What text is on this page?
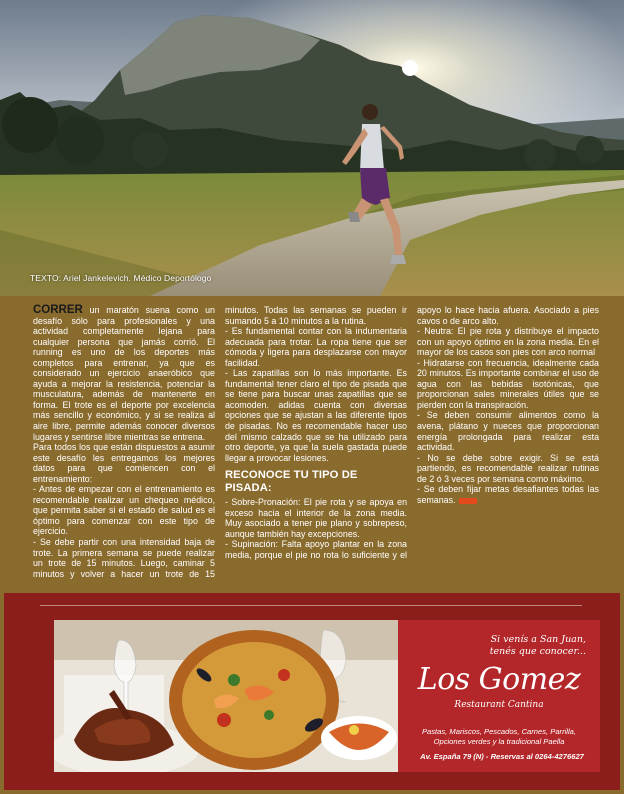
TEXTO: Ariel Jankelevich. Médico Deportólogo

CORRER un maratón suena como un desafío sólo para profesionales y una actividad completamente lejana para cualquier persona que jamás corrió. El running es uno de los deportes más completos para entrenar, ya que es considerado un ejercicio anaeróbico que ayuda a mejorar la resistencia, potenciar la musculatura, además de mantenerte en forma. El trote es el deporte por excelencia más sencillo y económico, y si se realiza al aire libre, permite además conocer diversos lugares y sentirse libre mientras se entrena.

Para todos los que están dispuestos a asumir este desafío les entregamos los mejores datos para que comiencen con el entrenamiento:

- Antes de empezar con el entrenamiento es recomendable realizar un chequeo médico, que permita saber si el estado de salud es el óptimo para comenzar con este tipo de ejercicio.

- Se debe partir con una intensidad baja de trote. La primera semana se puede realizar un trote de 15 minutos. Luego, caminar 5 minutos y volver a hacer un trote de 15 minutos. Todas las semanas se pueden ir sumando 5 a 10 minutos a la rutina.

- Es fundamental contar con la indumentaria adecuada para trotar. La ropa tiene que ser cómoda y ligera para desplazarse con mayor facilidad.

- Las zapatillas son lo más importante. Es fundamental tener claro el tipo de pisada que se tiene para buscar unas zapatillas que se acomoden. adidas cuenta con diversas opciones que se ajustan a las diferente tipos de pisadas. No es recomendable hacer uso del mismo calzado que se ha utilizado para otro deporte, ya que la suela gastada puede llegar a provocar lesiones.

RECONOCE TU TIPO DE PISADA:

- Sobre-Pronación: El pie rota y se apoya en exceso hacia el interior de la zona media. Muy asociado a tener pie plano y sobrepeso, aunque también hay excepciones.

- Supinación: Falta apoyo plantar en la zona media, porque el pie no rota lo suficiente y el apoyo lo hace hacia afuera. Asociado a pies cavos o de arco alto.

- Neutra: El pie rota y distribuye el impacto con un apoyo óptimo en la zona media. En el mayor de los casos son pies con arco normal

- Hidratarse con frecuencia, idealmente cada 20 minutos. Es importante combinar el uso de agua con las bebidas isotónicas, que proporcionan sales minerales útiles que se pierden con la transpiración.

- Se deben consumir alimentos como la avena, plátano y nueces que proporcionan energía prolongada para realizar esta actividad.

- No se debe sobre exigir. Si se está partiendo, es recomendable realizar rutinas de 2 ó 3 veces por semana como máximo.

- Se deben fijar metas desafiantes todas las semanas.

Si venís a San Juan,
tenés que conocer...
Los Gomez
Restaurant Cantina
Pastas, Mariscos, Pescados, Carnes, Parrilla,
Opciones verdes y la tradicional Paella
Av. España 79 (N) - Reservas al 0264-4276627
